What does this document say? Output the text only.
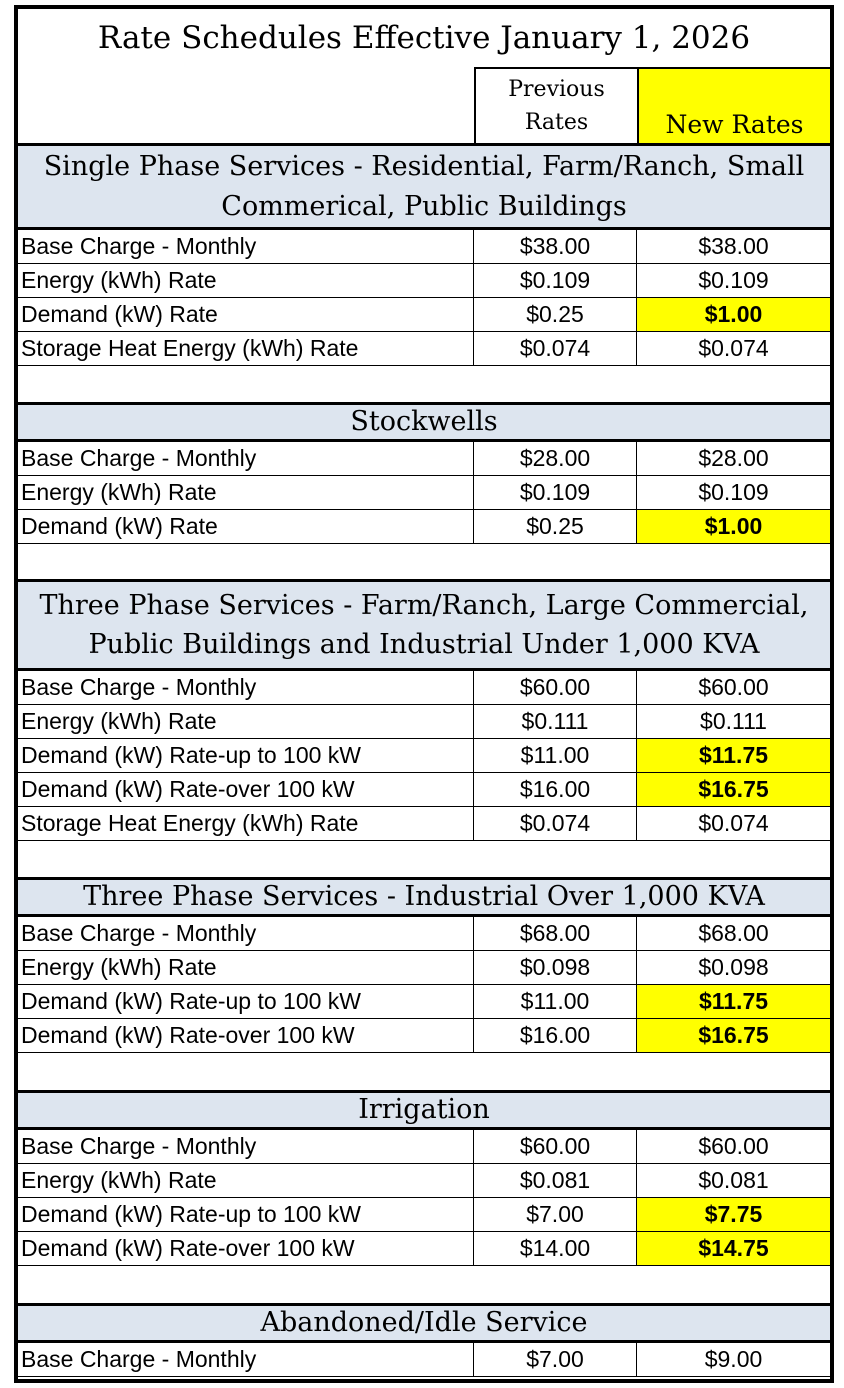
Rate Schedules Effective January 1, 2026
Previous Rates	New Rates
Single Phase Services - Residential, Farm/Ranch, Small Commerical, Public Buildings
Base Charge - Monthly	$38.00	$38.00
Energy (kWh) Rate	$0.109	$0.109
Demand (kW) Rate	$0.25	$1.00
Storage Heat Energy (kWh) Rate	$0.074	$0.074
Stockwells
Base Charge - Monthly	$28.00	$28.00
Energy (kWh) Rate	$0.109	$0.109
Demand (kW) Rate	$0.25	$1.00
Three Phase Services - Farm/Ranch, Large Commercial, Public Buildings and Industrial Under 1,000 KVA
Base Charge - Monthly	$60.00	$60.00
Energy (kWh) Rate	$0.111	$0.111
Demand (kW) Rate-up to 100 kW	$11.00	$11.75
Demand (kW) Rate-over 100 kW	$16.00	$16.75
Storage Heat Energy (kWh) Rate	$0.074	$0.074
Three Phase Services - Industrial Over 1,000 KVA
Base Charge - Monthly	$68.00	$68.00
Energy (kWh) Rate	$0.098	$0.098
Demand (kW) Rate-up to 100 kW	$11.00	$11.75
Demand (kW) Rate-over 100 kW	$16.00	$16.75
Irrigation
Base Charge - Monthly	$60.00	$60.00
Energy (kWh) Rate	$0.081	$0.081
Demand (kW) Rate-up to 100 kW	$7.00	$7.75
Demand (kW) Rate-over 100 kW	$14.00	$14.75
Abandoned/Idle Service
Base Charge - Monthly	$7.00	$9.00
